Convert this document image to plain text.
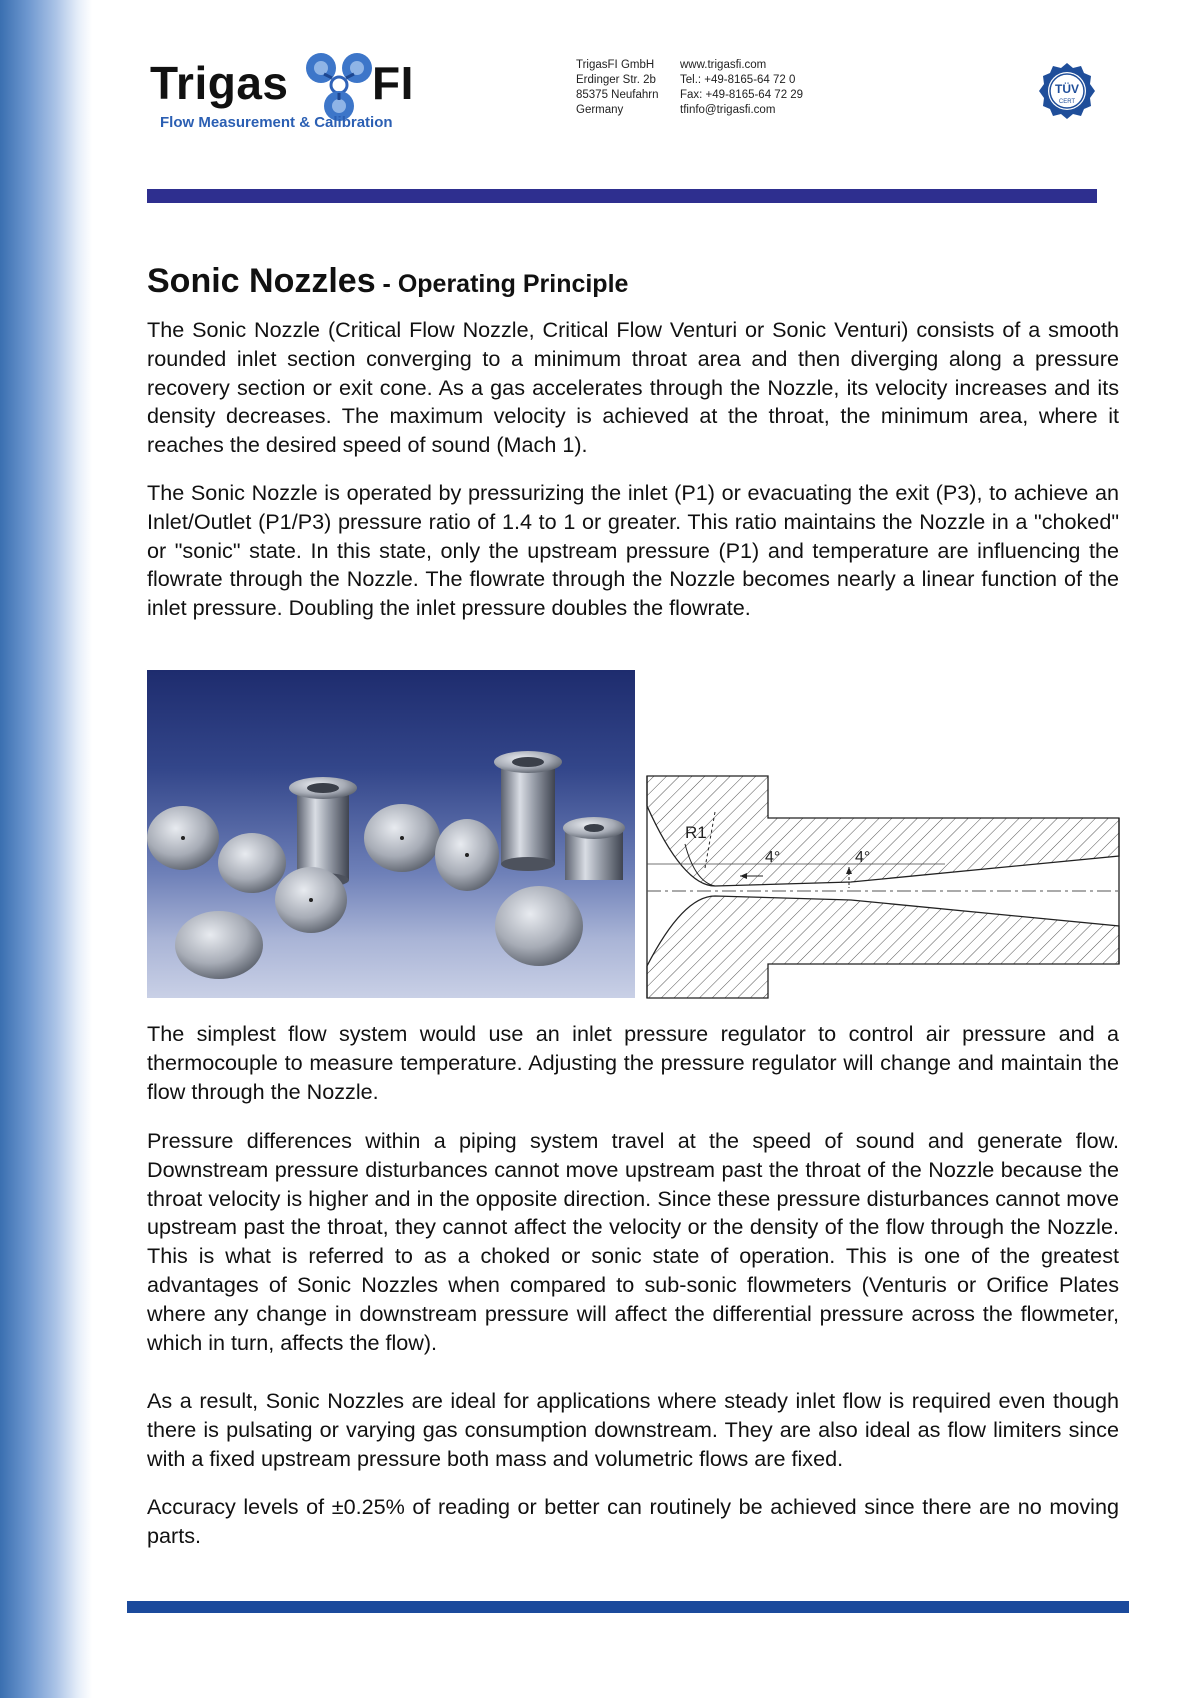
Trigas FI
Flow Measurement & Calibration
TrigasFI GmbH
Erdinger Str. 2b
85375 Neufahrn
Germany
www.trigasfi.com
Tel.: +49-8165-64 72 0
Fax: +49-8165-64 72 29
tfinfo@trigasfi.com
TÜV
CERT
Sonic Nozzles - Operating Principle

The Sonic Nozzle (Critical Flow Nozzle, Critical Flow Venturi or Sonic Venturi) consists of a smooth rounded inlet section converging to a minimum throat area and then diverging along a pressure recovery section or exit cone. As a gas accelerates through the Nozzle, its velocity increases and its density decreases. The maximum velocity is achieved at the throat, the minimum area, where it reaches the desired speed of sound (Mach 1).

The Sonic Nozzle is operated by pressurizing the inlet (P1) or evacuating the exit (P3), to achieve an Inlet/Outlet (P1/P3) pressure ratio of 1.4 to 1 or greater. This ratio maintains the Nozzle in a "choked" or "sonic" state. In this state, only the upstream pressure (P1) and temperature are influencing the flowrate through the Nozzle. The flowrate through the Nozzle becomes nearly a linear function of the inlet pressure. Doubling the inlet pressure doubles the flowrate.

R1
4°	4°

The simplest flow system would use an inlet pressure regulator to control air pressure and a thermocouple to measure temperature. Adjusting the pressure regulator will change and maintain the flow through the Nozzle.

Pressure differences within a piping system travel at the speed of sound and generate flow. Downstream pressure disturbances cannot move upstream past the throat of the Nozzle because the throat velocity is higher and in the opposite direction. Since these pressure disturbances cannot move upstream past the throat, they cannot affect the velocity or the density of the flow through the Nozzle. This is what is referred to as a choked or sonic state of operation. This is one of the greatest advantages of Sonic Nozzles when compared to sub-sonic flowmeters (Venturis or Orifice Plates where any change in downstream pressure will affect the differential pressure across the flowmeter, which in turn, affects the flow).

As a result, Sonic Nozzles are ideal for applications where steady inlet flow is required even though there is pulsating or varying gas consumption downstream. They are also ideal as flow limiters since with a fixed upstream pressure both mass and volumetric flows are fixed.

Accuracy levels of ±0.25% of reading or better can routinely be achieved since there are no moving parts.
